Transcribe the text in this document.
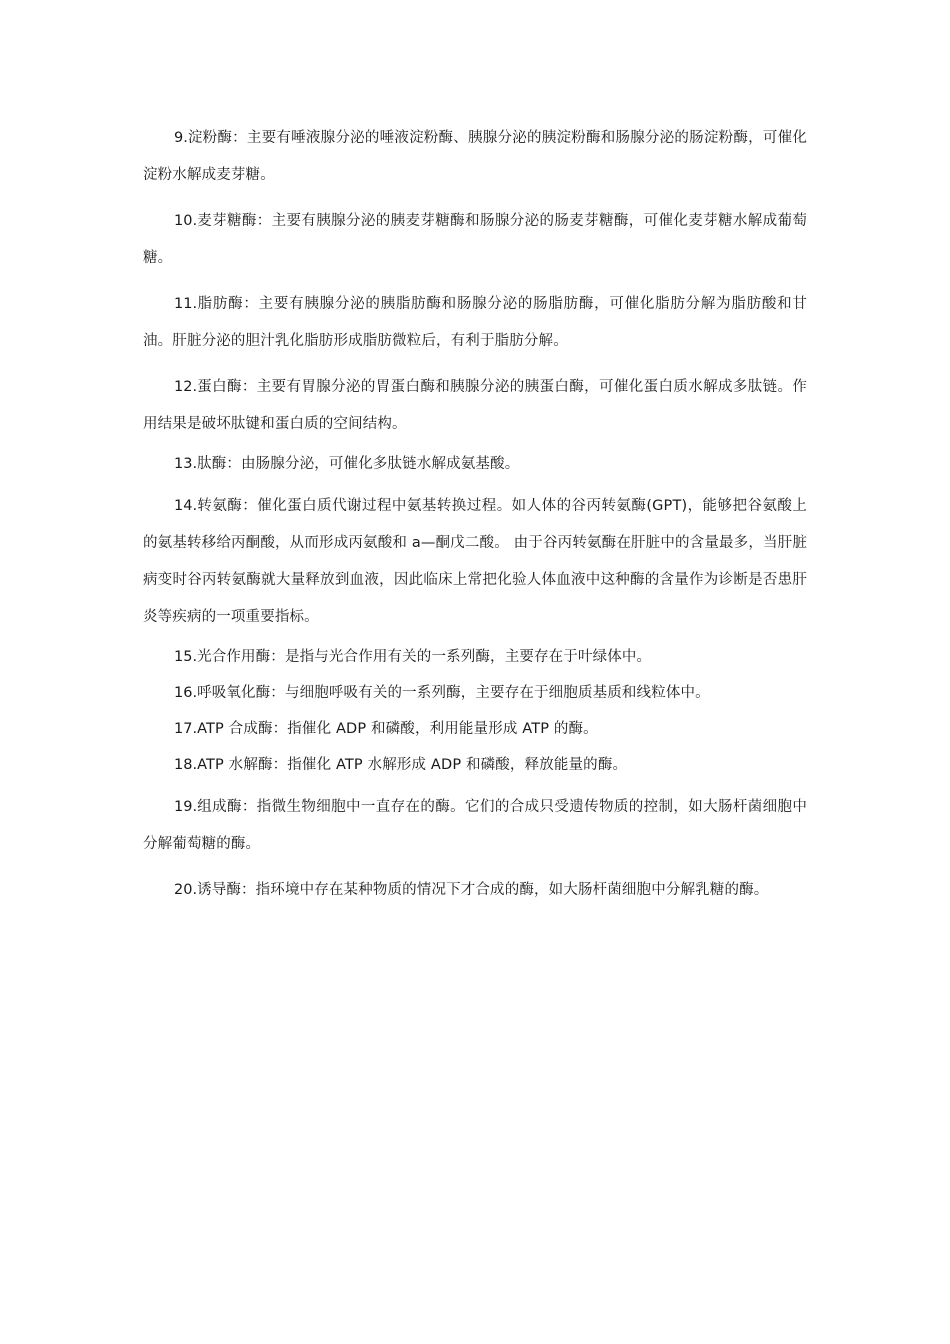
9.淀粉酶：主要有唾液腺分泌的唾液淀粉酶、胰腺分泌的胰淀粉酶和肠腺分泌的肠淀粉酶，可催化淀粉水解成麦芽糖。

10.麦芽糖酶：主要有胰腺分泌的胰麦芽糖酶和肠腺分泌的肠麦芽糖酶，可催化麦芽糖水解成葡萄糖。

11.脂肪酶：主要有胰腺分泌的胰脂肪酶和肠腺分泌的肠脂肪酶，可催化脂肪分解为脂肪酸和甘油。肝脏分泌的胆汁乳化脂肪形成脂肪微粒后，有利于脂肪分解。

12.蛋白酶：主要有胃腺分泌的胃蛋白酶和胰腺分泌的胰蛋白酶，可催化蛋白质水解成多肽链。作用结果是破坏肽键和蛋白质的空间结构。

13.肽酶：由肠腺分泌，可催化多肽链水解成氨基酸。

14.转氨酶：催化蛋白质代谢过程中氨基转换过程。如人体的谷丙转氨酶(GPT)，能够把谷氨酸上的氨基转移给丙酮酸，从而形成丙氨酸和 a—酮戊二酸。 由于谷丙转氨酶在肝脏中的含量最多，当肝脏病变时谷丙转氨酶就大量释放到血液，因此临床上常把化验人体血液中这种酶的含量作为诊断是否患肝炎等疾病的一项重要指标。

15.光合作用酶：是指与光合作用有关的一系列酶，主要存在于叶绿体中。

16.呼吸氧化酶：与细胞呼吸有关的一系列酶，主要存在于细胞质基质和线粒体中。

17.ATP 合成酶：指催化 ADP 和磷酸，利用能量形成 ATP 的酶。

18.ATP 水解酶：指催化 ATP 水解形成 ADP 和磷酸，释放能量的酶。

19.组成酶：指微生物细胞中一直存在的酶。它们的合成只受遗传物质的控制，如大肠杆菌细胞中分解葡萄糖的酶。

20.诱导酶：指环境中存在某种物质的情况下才合成的酶，如大肠杆菌细胞中分解乳糖的酶。
